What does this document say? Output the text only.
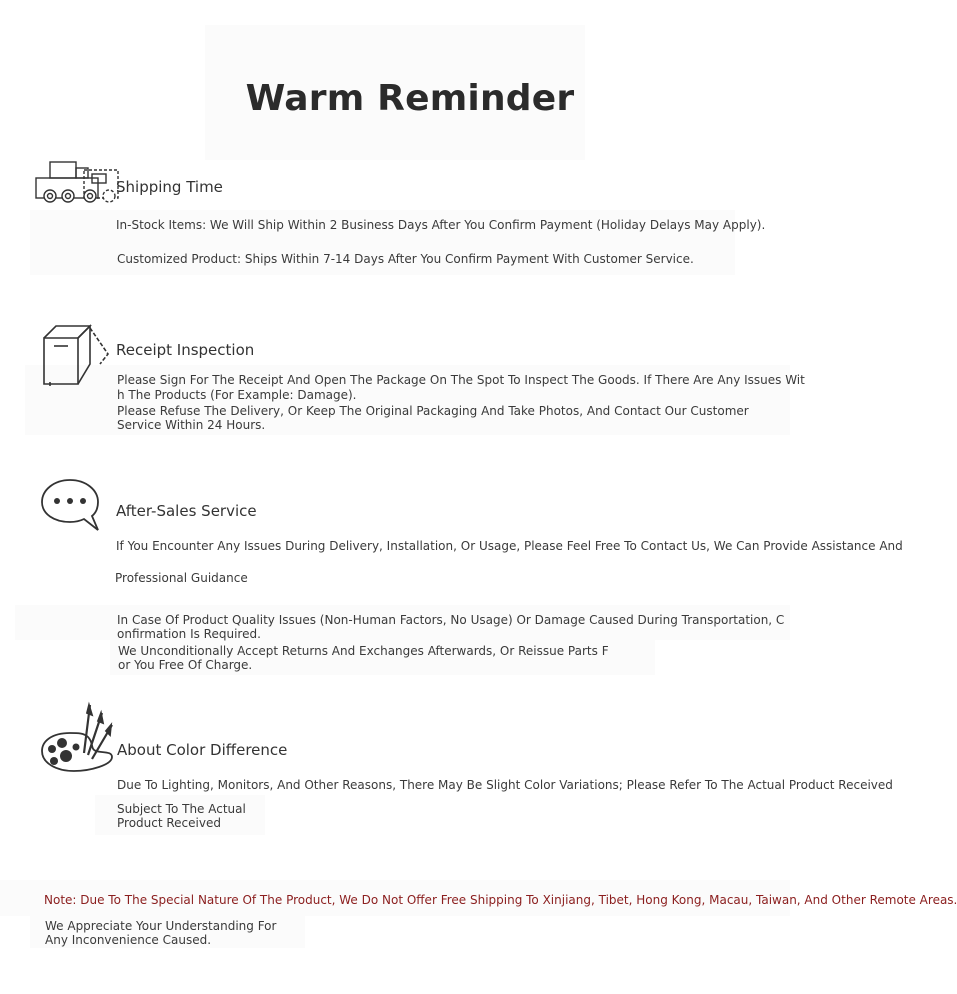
Warm Reminder
Shipping Time
In-Stock Items: We Will Ship Within 2 Business Days After You Confirm Payment (Holiday Delays May Apply).
Customized Product: Ships Within 7-14 Days After You Confirm Payment With Customer Service.
Receipt Inspection
Please Sign For The Receipt And Open The Package On The Spot To Inspect The Goods. If There Are Any Issues Wit
h The Products (For Example: Damage).
Please Refuse The Delivery, Or Keep The Original Packaging And Take Photos, And Contact Our Customer
Service Within 24 Hours.
After-Sales Service
If You Encounter Any Issues During Delivery, Installation, Or Usage, Please Feel Free To Contact Us, We Can Provide Assistance And
Professional Guidance
In Case Of Product Quality Issues (Non-Human Factors, No Usage) Or Damage Caused During Transportation, C
onfirmation Is Required.
We Unconditionally Accept Returns And Exchanges Afterwards, Or Reissue Parts F
or You Free Of Charge.
About Color Difference
Due To Lighting, Monitors, And Other Reasons, There May Be Slight Color Variations; Please Refer To The Actual Product Received
Subject To The Actual
Product Received
Note: Due To The Special Nature Of The Product, We Do Not Offer Free Shipping To Xinjiang, Tibet, Hong Kong, Macau, Taiwan, And Other Remote Areas.
We Appreciate Your Understanding For
Any Inconvenience Caused.
